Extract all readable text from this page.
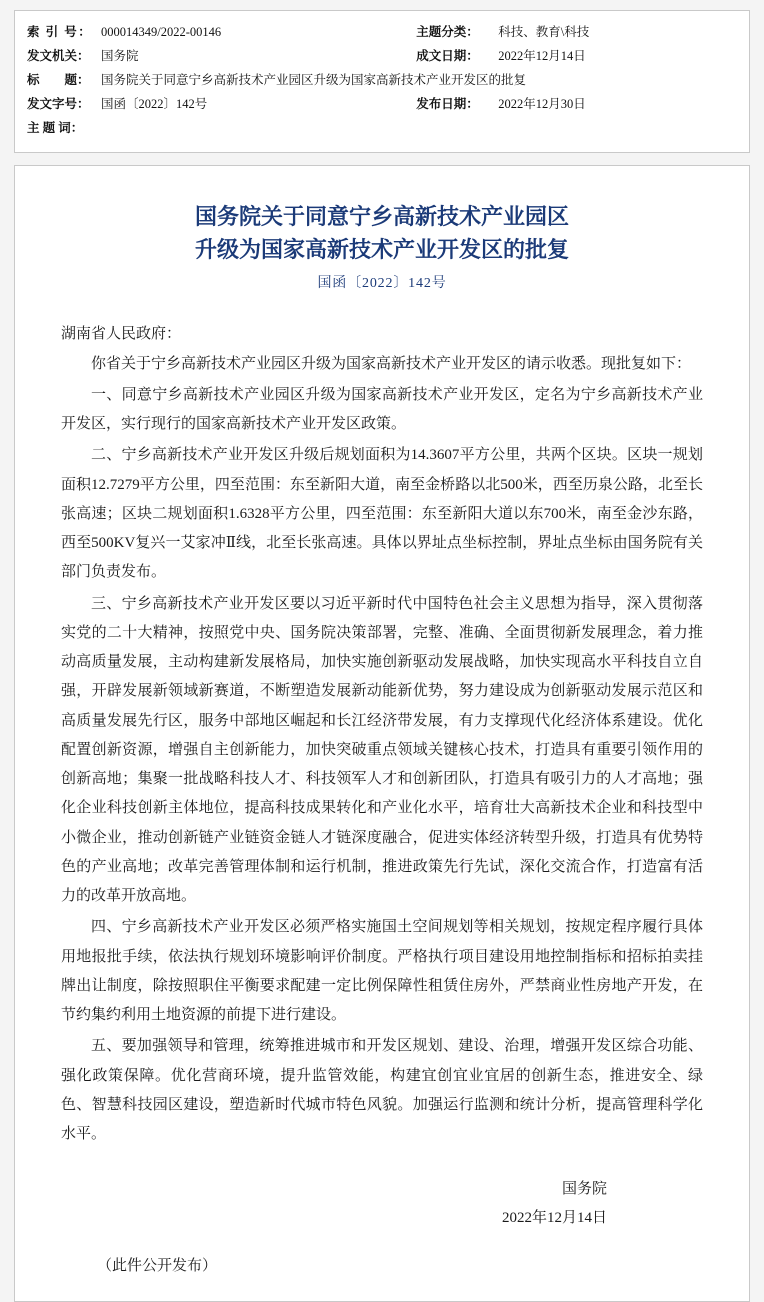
索 引 号：	000014349/2022-00146	主题分类：	科技、教育\科技
发文机关：	国务院	成文日期：	2022年12月14日
标　　题：	国务院关于同意宁乡高新技术产业园区升级为国家高新技术产业开发区的批复		
发文字号：	国函〔2022〕142号	发布日期：	2022年12月30日
主 题 词：			
国务院关于同意宁乡高新技术产业园区
升级为国家高新技术产业开发区的批复
国函〔2022〕142号
湖南省人民政府：

你省关于宁乡高新技术产业园区升级为国家高新技术产业开发区的请示收悉。现批复如下：

一、同意宁乡高新技术产业园区升级为国家高新技术产业开发区，定名为宁乡高新技术产业开发区，实行现行的国家高新技术产业开发区政策。

二、宁乡高新技术产业开发区升级后规划面积为14.3607平方公里，共两个区块。区块一规划面积12.7279平方公里，四至范围：东至新阳大道，南至金桥路以北500米，西至历泉公路，北至长张高速；区块二规划面积1.6328平方公里，四至范围：东至新阳大道以东700米，南至金沙东路，西至500KV复兴一艾家冲Ⅱ线，北至长张高速。具体以界址点坐标控制，界址点坐标由国务院有关部门负责发布。

三、宁乡高新技术产业开发区要以习近平新时代中国特色社会主义思想为指导，深入贯彻落实党的二十大精神，按照党中央、国务院决策部署，完整、准确、全面贯彻新发展理念，着力推动高质量发展，主动构建新发展格局，加快实施创新驱动发展战略，加快实现高水平科技自立自强，开辟发展新领域新赛道，不断塑造发展新动能新优势，努力建设成为创新驱动发展示范区和高质量发展先行区，服务中部地区崛起和长江经济带发展，有力支撑现代化经济体系建设。优化配置创新资源，增强自主创新能力，加快突破重点领域关键核心技术，打造具有重要引领作用的创新高地；集聚一批战略科技人才、科技领军人才和创新团队，打造具有吸引力的人才高地；强化企业科技创新主体地位，提高科技成果转化和产业化水平，培育壮大高新技术企业和科技型中小微企业，推动创新链产业链资金链人才链深度融合，促进实体经济转型升级，打造具有优势特色的产业高地；改革完善管理体制和运行机制，推进政策先行先试，深化交流合作，打造富有活力的改革开放高地。

四、宁乡高新技术产业开发区必须严格实施国土空间规划等相关规划，按规定程序履行具体用地报批手续，依法执行规划环境影响评价制度。严格执行项目建设用地控制指标和招标拍卖挂牌出让制度，除按照职住平衡要求配建一定比例保障性租赁住房外，严禁商业性房地产开发，在节约集约利用土地资源的前提下进行建设。

五、要加强领导和管理，统筹推进城市和开发区规划、建设、治理，增强开发区综合功能、强化政策保障。优化营商环境，提升监管效能，构建宜创宜业宜居的创新生态，推进安全、绿色、智慧科技园区建设，塑造新时代城市特色风貌。加强运行监测和统计分析，提高管理科学化水平。

国务院
2022年12月14日
（此件公开发布）
